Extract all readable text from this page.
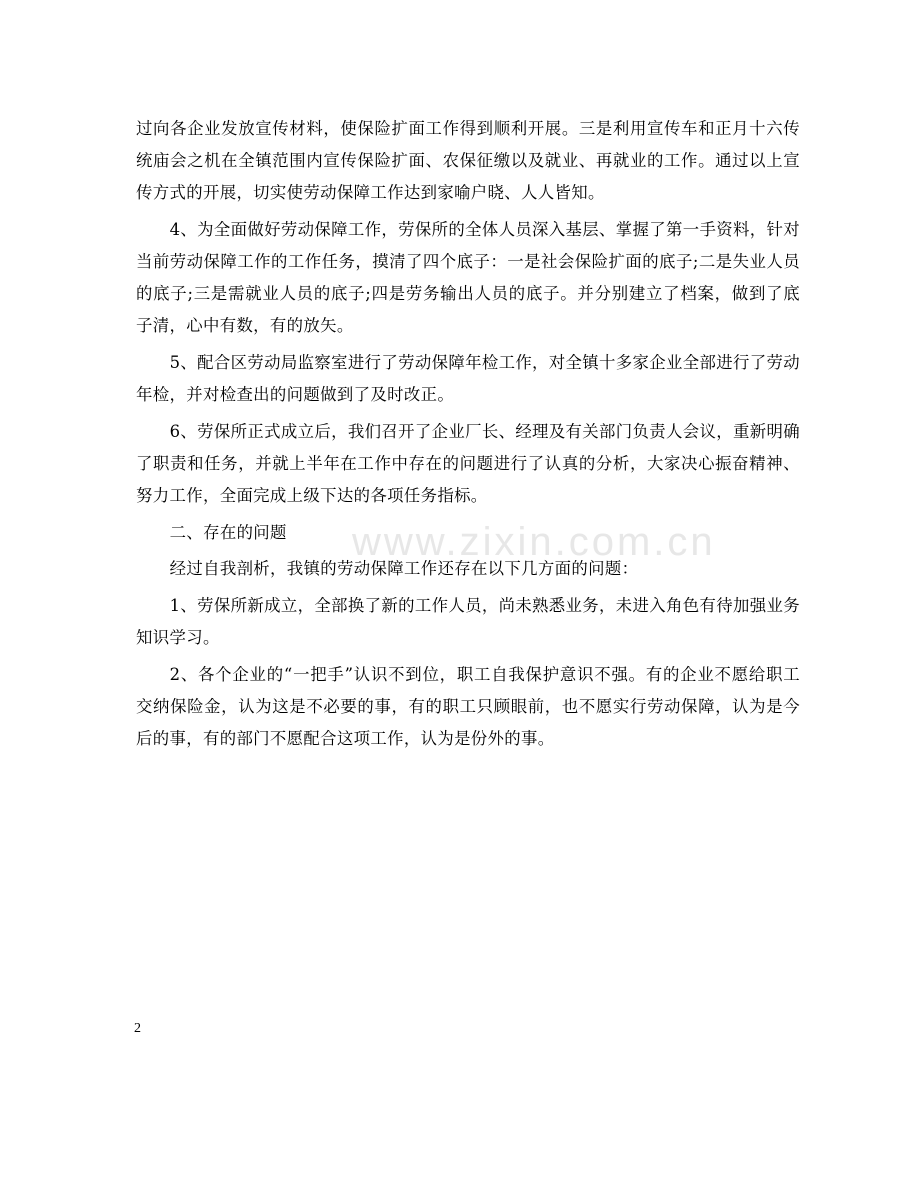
www.zixin.com.cn

过向各企业发放宣传材料，使保险扩面工作得到顺利开展。三是利用宣传车和正月十六传统庙会之机在全镇范围内宣传保险扩面、农保征缴以及就业、再就业的工作。通过以上宣传方式的开展，切实使劳动保障工作达到家喻户晓、人人皆知。

4、为全面做好劳动保障工作，劳保所的全体人员深入基层、掌握了第一手资料，针对当前劳动保障工作的工作任务，摸清了四个底子：一是社会保险扩面的底子;二是失业人员的底子;三是需就业人员的底子;四是劳务输出人员的底子。并分别建立了档案，做到了底子清，心中有数，有的放矢。

5、配合区劳动局监察室进行了劳动保障年检工作，对全镇十多家企业全部进行了劳动年检，并对检查出的问题做到了及时改正。

6、劳保所正式成立后，我们召开了企业厂长、经理及有关部门负责人会议，重新明确了职责和任务，并就上半年在工作中存在的问题进行了认真的分析，大家决心振奋精神、努力工作，全面完成上级下达的各项任务指标。

二、存在的问题

经过自我剖析，我镇的劳动保障工作还存在以下几方面的问题：

1、劳保所新成立，全部换了新的工作人员，尚未熟悉业务，未进入角色有待加强业务知识学习。

2、各个企业的“一把手”认识不到位，职工自我保护意识不强。有的企业不愿给职工交纳保险金，认为这是不必要的事，有的职工只顾眼前，也不愿实行劳动保障，认为是今后的事，有的部门不愿配合这项工作，认为是份外的事。

2
